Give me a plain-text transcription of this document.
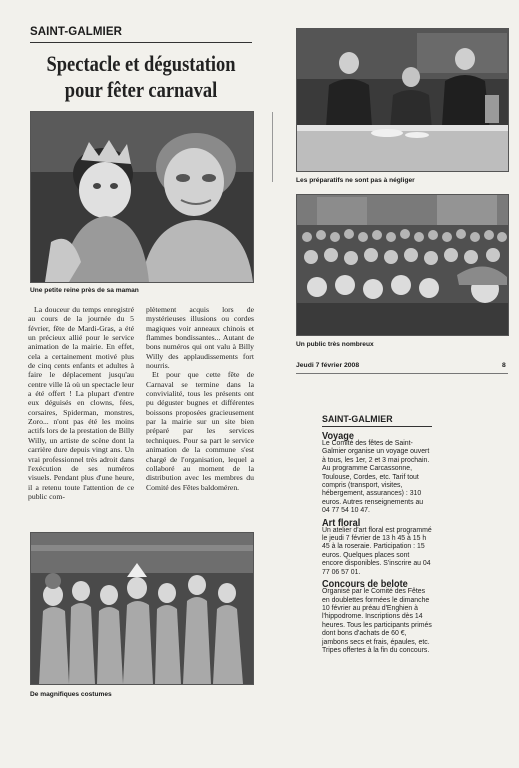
SAINT-GALMIER
Spectacle et dégustation
pour fêter carnaval
Une petite reine près de sa maman

La douceur du temps enregistré au cours de la journée du 5 février, fête de Mardi-Gras, a été un précieux allié pour le service animation de la mairie. En effet, cela a certainement motivé plus de cinq cents enfants et adultes à faire le déplacement jusqu'au centre ville là où un spectacle leur a été offert ! La plupart d'entre eux déguisés en clowns, fées, corsaires, Spiderman, monstres, Zoro... n'ont pas été les moins actifs lors de la prestation de Billy Willy, un artiste de scène dont la carrière dure depuis vingt ans. Un vrai professionnel très adroit dans l'exécution de ses numéros visuels. Pendant plus d'une heure, il a retenu toute l'attention de ce public com-

plètement acquis lors de mystérieuses illusions ou cordes magiques voir anneaux chinois et flammes bondissantes... Autant de bons numéros qui ont valu à Billy Willy des applaudissements fort nourris.

Et pour que cette fête de Carnaval se termine dans la convivialité, tous les présents ont pu déguster bugnes et différentes boissons proposées gracieusement par la mairie sur un site bien préparé par les services techniques. Pour sa part le service animation de la commune s'est chargé de l'organisation, lequel a collaboré au moment de la distribution avec les membres du Comité des Fêtes baldoméren.

De magnifiques costumes
Les préparatifs ne sont pas à négliger
Un public très nombreux
Jeudi 7 février 2008	8
SAINT-GALMIER
Voyage
Le Comité des fêtes de Saint-Galmier organise un voyage ouvert à tous, les 1er, 2 et 3 mai prochain. Au programme Carcassonne, Toulouse, Cordes, etc. Tarif tout compris (transport, visites, hébergement, assurances) : 310 euros. Autres renseignements au 04 77 54 10 47.
Art floral
Un atelier d'art floral est programmé le jeudi 7 février de 13 h 45 à 15 h 45 à la roseraie. Participation : 15 euros. Quelques places sont encore disponibles. S'inscrire au 04 77 06 57 01.
Concours de belote
Organisé par le Comité des Fêtes en doublettes formées le dimanche 10 février au préau d'Enghien à l'hippodrome. Inscriptions dès 14 heures. Tous les participants primés dont bons d'achats de 60 €, jambons secs et frais, épaules, etc. Tripes offertes à la fin du concours.
